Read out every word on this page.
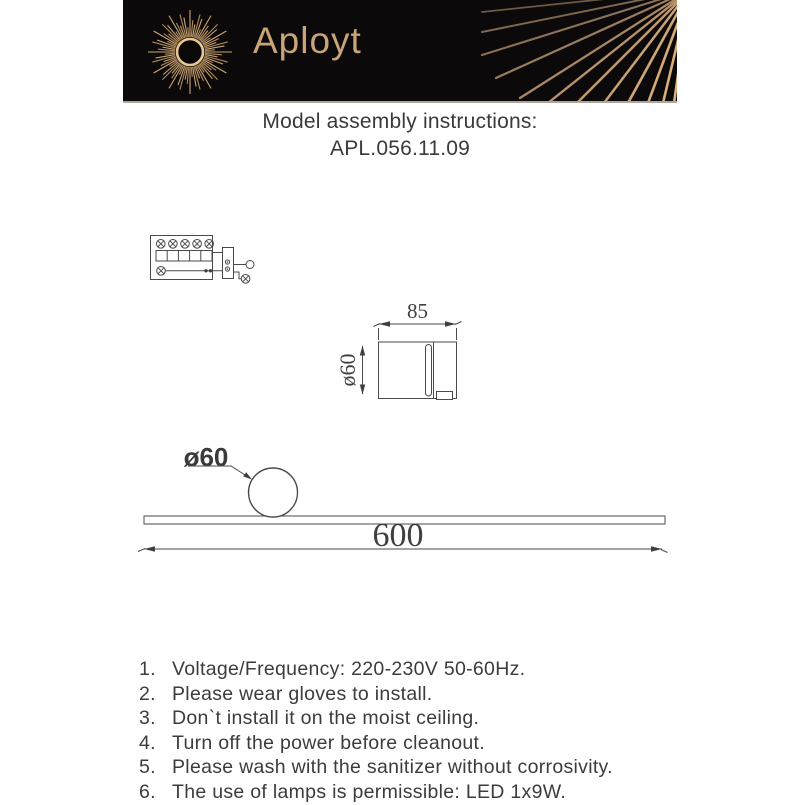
Aployt
Model assembly instructions:
APL.056.11.09
85
ø60
ø60
600
1. Voltage/Frequency: 220-230V 50-60Hz.
2. Please wear gloves to install.
3. Don`t install it on the moist ceiling.
4. Turn off the power before cleanout.
5. Please wash with the sanitizer without corrosivity.
6. The use of lamps is permissible: LED 1x9W.
